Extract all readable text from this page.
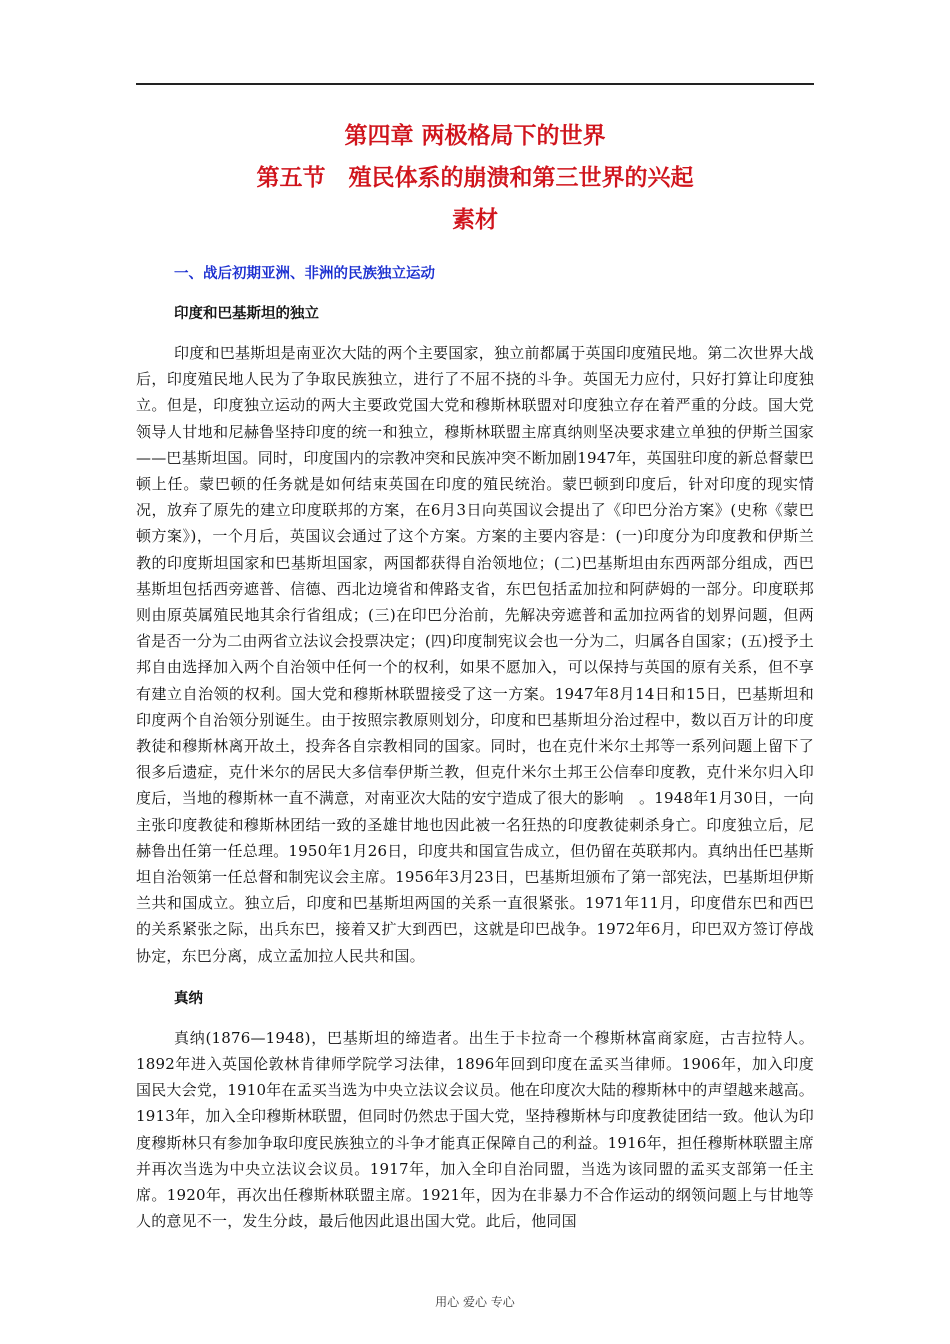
第四章 两极格局下的世界
第五节　殖民体系的崩溃和第三世界的兴起
素材
一、战后初期亚洲、非洲的民族独立运动
印度和巴基斯坦的独立

印度和巴基斯坦是南亚次大陆的两个主要国家，独立前都属于英国印度殖民地。第二次世界大战后，印度殖民地人民为了争取民族独立，进行了不屈不挠的斗争。英国无力应付，只好打算让印度独立。但是，印度独立运动的两大主要政党国大党和穆斯林联盟对印度独立存在着严重的分歧。国大党领导人甘地和尼赫鲁坚持印度的统一和独立，穆斯林联盟主席真纳则坚决要求建立单独的伊斯兰国家——巴基斯坦国。同时，印度国内的宗教冲突和民族冲突不断加剧1947年，英国驻印度的新总督蒙巴顿上任。蒙巴顿的任务就是如何结束英国在印度的殖民统治。蒙巴顿到印度后，针对印度的现实情况，放弃了原先的建立印度联邦的方案，在6月3日向英国议会提出了《印巴分治方案》(史称《蒙巴顿方案》)，一个月后，英国议会通过了这个方案。方案的主要内容是：(一)印度分为印度教和伊斯兰教的印度斯坦国家和巴基斯坦国家，两国都获得自治领地位；(二)巴基斯坦由东西两部分组成，西巴基斯坦包括西旁遮普、信德、西北边境省和俾路支省，东巴包括孟加拉和阿萨姆的一部分。印度联邦则由原英属殖民地其余行省组成；(三)在印巴分治前，先解决旁遮普和孟加拉两省的划界问题，但两省是否一分为二由两省立法议会投票决定；(四)印度制宪议会也一分为二，归属各自国家；(五)授予土邦自由选择加入两个自治领中任何一个的权利，如果不愿加入，可以保持与英国的原有关系，但不享有建立自治领的权利。国大党和穆斯林联盟接受了这一方案。1947年8月14日和15日，巴基斯坦和印度两个自治领分别诞生。由于按照宗教原则划分，印度和巴基斯坦分治过程中，数以百万计的印度教徒和穆斯林离开故土，投奔各自宗教相同的国家。同时，也在克什米尔土邦等一系列问题上留下了很多后遗症，克什米尔的居民大多信奉伊斯兰教，但克什米尔土邦王公信奉印度教，克什米尔归入印度后，当地的穆斯林一直不满意，对南亚次大陆的安宁造成了很大的影响　。1948年1月30日，一向主张印度教徒和穆斯林团结一致的圣雄甘地也因此被一名狂热的印度教徒刺杀身亡。印度独立后，尼赫鲁出任第一任总理。1950年1月26日，印度共和国宣告成立，但仍留在英联邦内。真纳出任巴基斯坦自治领第一任总督和制宪议会主席。1956年3月23日，巴基斯坦颁布了第一部宪法，巴基斯坦伊斯兰共和国成立。独立后，印度和巴基斯坦两国的关系一直很紧张。1971年11月，印度借东巴和西巴的关系紧张之际，出兵东巴，接着又扩大到西巴，这就是印巴战争。1972年6月，印巴双方签订停战协定，东巴分离，成立孟加拉人民共和国。

真纳

真纳(1876—1948)，巴基斯坦的缔造者。出生于卡拉奇一个穆斯林富商家庭，古吉拉特人。1892年进入英国伦敦林肯律师学院学习法律，1896年回到印度在孟买当律师。1906年，加入印度国民大会党，1910年在孟买当选为中央立法议会议员。他在印度次大陆的穆斯林中的声望越来越高。1913年，加入全印穆斯林联盟，但同时仍然忠于国大党，坚持穆斯林与印度教徒团结一致。他认为印度穆斯林只有参加争取印度民族独立的斗争才能真正保障自己的利益。1916年，担任穆斯林联盟主席并再次当选为中央立法议会议员。1917年，加入全印自治同盟，当选为该同盟的孟买支部第一任主席。1920年，再次出任穆斯林联盟主席。1921年，因为在非暴力不合作运动的纲领问题上与甘地等人的意见不一，发生分歧，最后他因此退出国大党。此后，他同国

用心 爱心 专心
